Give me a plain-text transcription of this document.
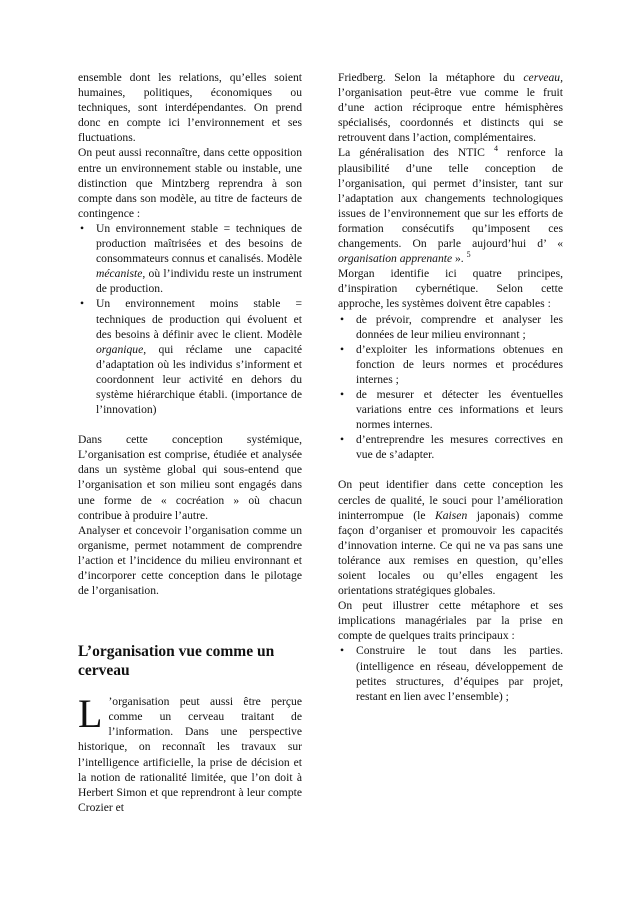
ensemble dont les relations, qu’elles soient humaines, politiques, économiques ou techniques, sont interdépendantes. On prend donc en compte ici l’environnement et ses fluctuations.

On peut aussi reconnaître, dans cette opposition entre un environnement stable ou instable, une distinction que Mintzberg reprendra à son compte dans son modèle, au titre de facteurs de contingence :

• Un environnement stable = techniques de production maîtrisées et des besoins de consommateurs connus et canalisés. Modèle mécaniste, où l’individu reste un instrument de production.
• Un environnement moins stable = techniques de production qui évoluent et des besoins à définir avec le client. Modèle organique, qui réclame une capacité d’adaptation où les individus s’informent et coordonnent leur activité en dehors du système hiérarchique établi. (importance de l’innovation)

Dans cette conception systémique, L’organisation est comprise, étudiée et analysée dans un système global qui sous-entend que l’organisation et son milieu sont engagés dans une forme de « cocréation » où chacun contribue à produire l’autre.

Analyser et concevoir l’organisation comme un organisme, permet notamment de comprendre l’action et l’incidence du milieu environnant et d’incorporer cette conception dans le pilotage de l’organisation.

L’organisation vue comme un cerveau

L ’organisation peut aussi être perçue comme un cerveau traitant de l’information. Dans une perspective historique, on reconnaît les travaux sur l’intelligence artificielle, la prise de décision et la notion de rationalité limitée, que l’on doit à Herbert Simon et que reprendront à leur compte Crozier et

Friedberg. Selon la métaphore du cerveau, l’organisation peut-être vue comme le fruit d’une action réciproque entre hémisphères spécialisés, coordonnés et distincts qui se retrouvent dans l’action, complémentaires.

La généralisation des NTIC $^4$ renforce la plausibilité d’une telle conception de l’organisation, qui permet d’insister, tant sur l’adaptation aux changements technologiques issues de l’environnement que sur les efforts de formation consécutifs qu’imposent ces changements. On parle aujourd’hui d’ « organisation apprenante ». $^5$

Morgan identifie ici quatre principes, d’inspiration cybernétique. Selon cette approche, les systèmes doivent être capables :

• de prévoir, comprendre et analyser les données de leur milieu environnant ;
• d’exploiter les informations obtenues en fonction de leurs normes et procédures internes ;
• de mesurer et détecter les éventuelles variations entre ces informations et leurs normes internes.
• d’entreprendre les mesures correctives en vue de s’adapter.

On peut identifier dans cette conception les cercles de qualité, le souci pour l’amélioration ininterrompue (le Kaisen japonais) comme façon d’organiser et promouvoir les capacités d’innovation interne. Ce qui ne va pas sans une tolérance aux remises en question, qu’elles soient locales ou qu’elles engagent les orientations stratégiques globales.

On peut illustrer cette métaphore et ses implications managériales par la prise en compte de quelques traits principaux :

• Construire le tout dans les parties. (intelligence en réseau, développement de petites structures, d’équipes par projet, restant en lien avec l’ensemble) ;
